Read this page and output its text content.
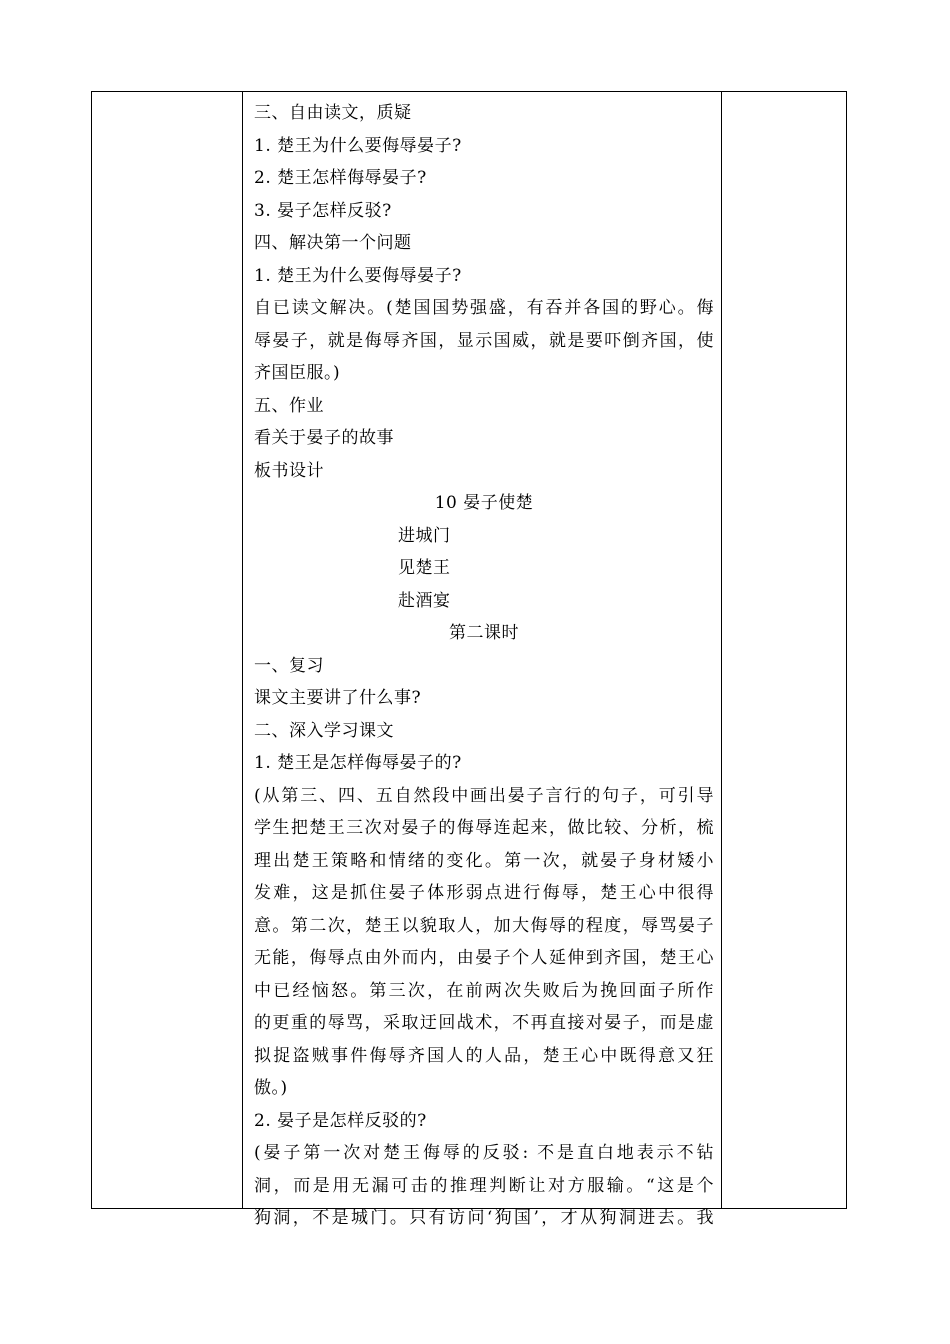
三、自由读文，质疑
1. 楚王为什么要侮辱晏子?
2. 楚王怎样侮辱晏子?
3. 晏子怎样反驳?
四、解决第一个问题
1. 楚王为什么要侮辱晏子?
自已读文解决。(楚国国势强盛，有吞并各国的野心。侮
辱晏子，就是侮辱齐国，显示国威，就是要吓倒齐国，使
齐国臣服。)
五、作业
看关于晏子的故事
板书设计
10 晏子使楚
进城门
见楚王
赴酒宴
第二课时
一、复习
课文主要讲了什么事?
二、深入学习课文
1. 楚王是怎样侮辱晏子的?
(从第三、四、五自然段中画出晏子言行的句子，可引导
学生把楚王三次对晏子的侮辱连起来，做比较、分析，梳
理出楚王策略和情绪的变化。第一次，就晏子身材矮小
发难，这是抓住晏子体形弱点进行侮辱，楚王心中很得
意。第二次，楚王以貌取人，加大侮辱的程度，辱骂晏子
无能，侮辱点由外而内，由晏子个人延伸到齐国，楚王心
中已经恼怒。第三次，在前两次失败后为挽回面子所作
的更重的辱骂，采取迂回战术，不再直接对晏子，而是虚
拟捉盗贼事件侮辱齐国人的人品，楚王心中既得意又狂
傲。)
2. 晏子是怎样反驳的?
(晏子第一次对楚王侮辱的反驳: 不是直白地表示不钻
洞，而是用无漏可击的推理判断让对方服输。“这是个
狗洞，不是城门。只有访问‘狗国’，才从狗洞进去。我
